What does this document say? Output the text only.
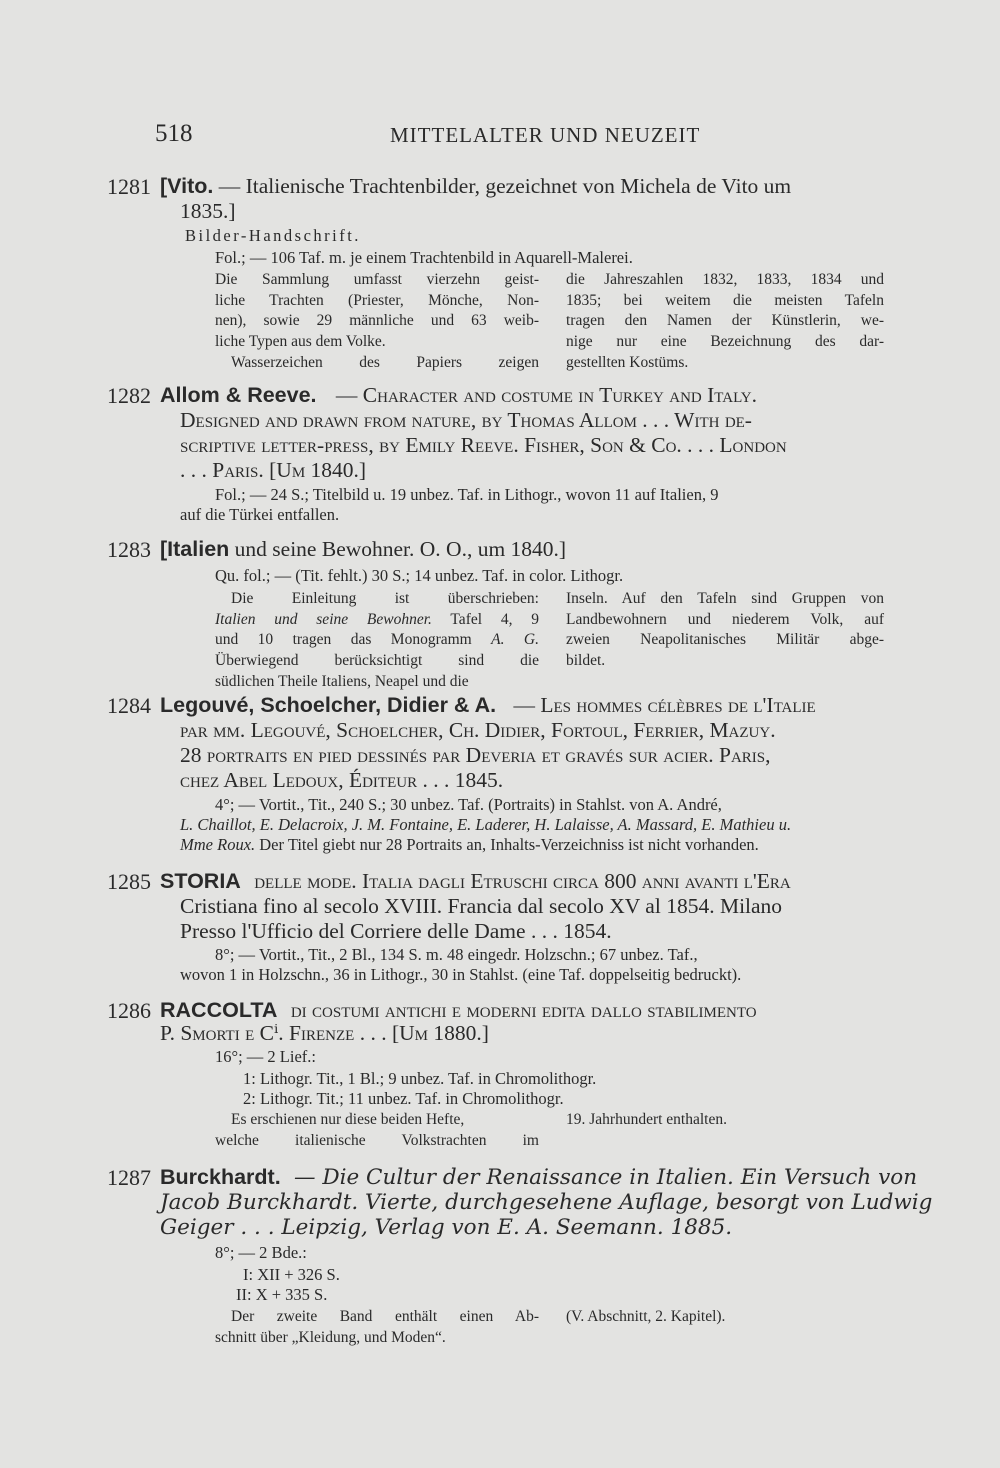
518	MITTELALTER UND NEUZEIT
1281 [Vito. — Italienische Trachtenbilder, gezeichnet von Michela de Vito um
1835.]
Bilder-Handschrift.
Fol.; — 106 Taf. m. je einem Trachtenbild in Aquarell-Malerei.
Die Sammlung umfasst vierzehn geist-
liche Trachten (Priester, Mönche, Non-
nen), sowie 29 männliche und 63 weib-
liche Typen aus dem Volke.
Wasserzeichen des Papiers zeigen
die Jahreszahlen 1832, 1833, 1834 und
1835; bei weitem die meisten Tafeln
tragen den Namen der Künstlerin, we-
nige nur eine Bezeichnung des dar-
gestellten Kostüms.
1282 Allom & Reeve. — Character and costume in Turkey and Italy.
Designed and drawn from nature, by Thomas Allom . . . With de-
scriptive letter-press, by Emily Reeve. Fisher, Son & Co. . . . London
. . . Paris. [Um 1840.]
Fol.; — 24 S.; Titelbild u. 19 unbez. Taf. in Lithogr., wovon 11 auf Italien, 9
auf die Türkei entfallen.
1283 [Italien und seine Bewohner. O. O., um 1840.]
Qu. fol.; — (Tit. fehlt.) 30 S.; 14 unbez. Taf. in color. Lithogr.
Die Einleitung ist überschrieben:
Italien und seine Bewohner. Tafel 4, 9
und 10 tragen das Monogramm A. G.
Überwiegend berücksichtigt sind die
südlichen Theile Italiens, Neapel und die
Inseln. Auf den Tafeln sind Gruppen von
Landbewohnern und niederem Volk, auf
zweien Neapolitanisches Militär abge-
bildet.
1284 Legouvé, Schoelcher, Didier & A. — Les hommes célèbres de l'Italie
par mm. Legouvé, Schoelcher, Ch. Didier, Fortoul, Ferrier, Mazuy.
28 portraits en pied dessinés par Deveria et gravés sur acier. Paris,
chez Abel Ledoux, Éditeur . . . 1845.
4°; — Vortit., Tit., 240 S.; 30 unbez. Taf. (Portraits) in Stahlst. von A. André,
L. Chaillot, E. Delacroix, J. M. Fontaine, E. Laderer, H. Lalaisse, A. Massard, E. Mathieu u.
Mme Roux. Der Titel giebt nur 28 Portraits an, Inhalts-Verzeichniss ist nicht vorhanden.
1285 STORIA delle mode. Italia dagli Etruschi circa 800 anni avanti l'Era
Cristiana fino al secolo XVIII. Francia dal secolo XV al 1854. Milano
Presso l'Ufficio del Corriere delle Dame . . . 1854.
8°; — Vortit., Tit., 2 Bl., 134 S. m. 48 eingedr. Holzschn.; 67 unbez. Taf.,
wovon 1 in Holzschn., 36 in Lithogr., 30 in Stahlst. (eine Taf. doppelseitig bedruckt).
1286 RACCOLTA di costumi antichi e moderni edita dallo stabilimento
P. Smorti e Cⁱ. Firenze . . . [Um 1880.]
16°; — 2 Lief.:
1: Lithogr. Tit., 1 Bl.; 9 unbez. Taf. in Chromolithogr.
2: Lithogr. Tit.; 11 unbez. Taf. in Chromolithogr.
Es erschienen nur diese beiden Hefte,
welche italienische Volkstrachten im
19. Jahrhundert enthalten.
1287 Burckhardt. — Die Cultur der Renaissance in Italien. Ein Versuch von
Jacob Burckhardt. Vierte, durchgesehene Auflage, besorgt von Ludwig
Geiger . . . Leipzig, Verlag von E. A. Seemann. 1885.
8°; — 2 Bde.:
I: XII + 326 S.
II: X + 335 S.
Der zweite Band enthält einen Ab-
schnitt über „Kleidung, und Moden“.
(V. Abschnitt, 2. Kapitel).
